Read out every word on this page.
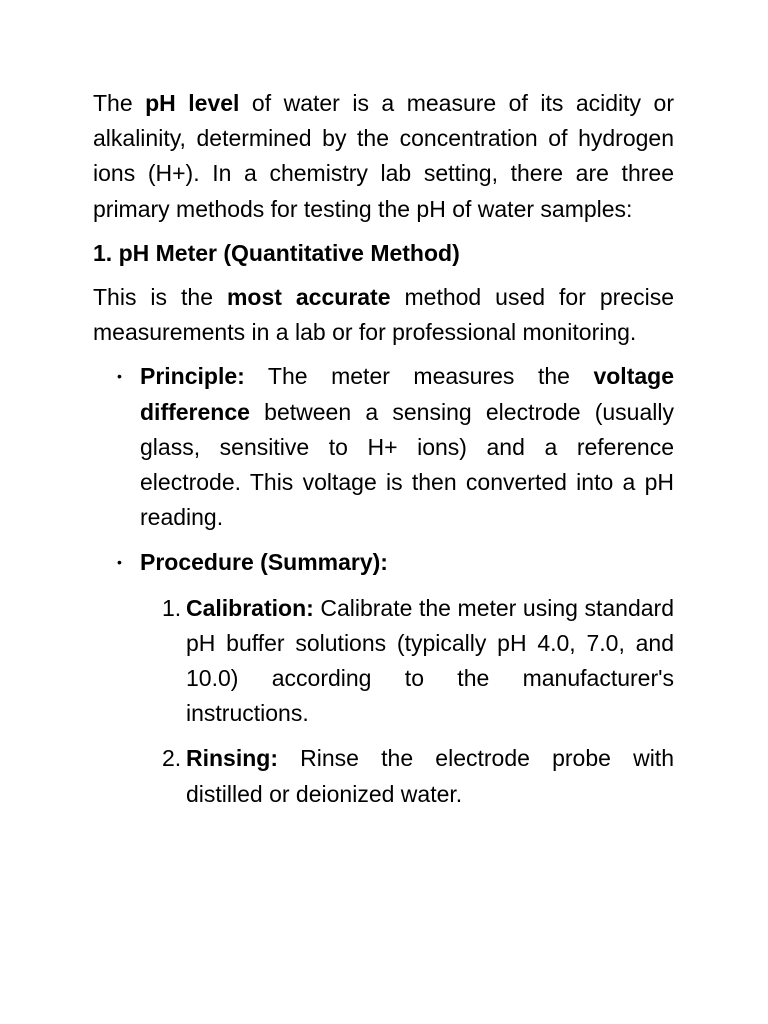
The pH level of water is a measure of its acidity or alkalinity, determined by the concentration of hydrogen ions (H+). In a chemistry lab setting, there are three primary methods for testing the pH of water samples:

1. pH Meter (Quantitative Method)

This is the most accurate method used for precise measurements in a lab or for professional monitoring.

• Principle: The meter measures the voltage difference between a sensing electrode (usually glass, sensitive to H+ ions) and a reference electrode. This voltage is then converted into a pH reading.

• Procedure (Summary):

1. Calibration: Calibrate the meter using standard pH buffer solutions (typically pH 4.0, 7.0, and 10.0) according to the manufacturer's instructions.

2. Rinsing: Rinse the electrode probe with distilled or deionized water.
